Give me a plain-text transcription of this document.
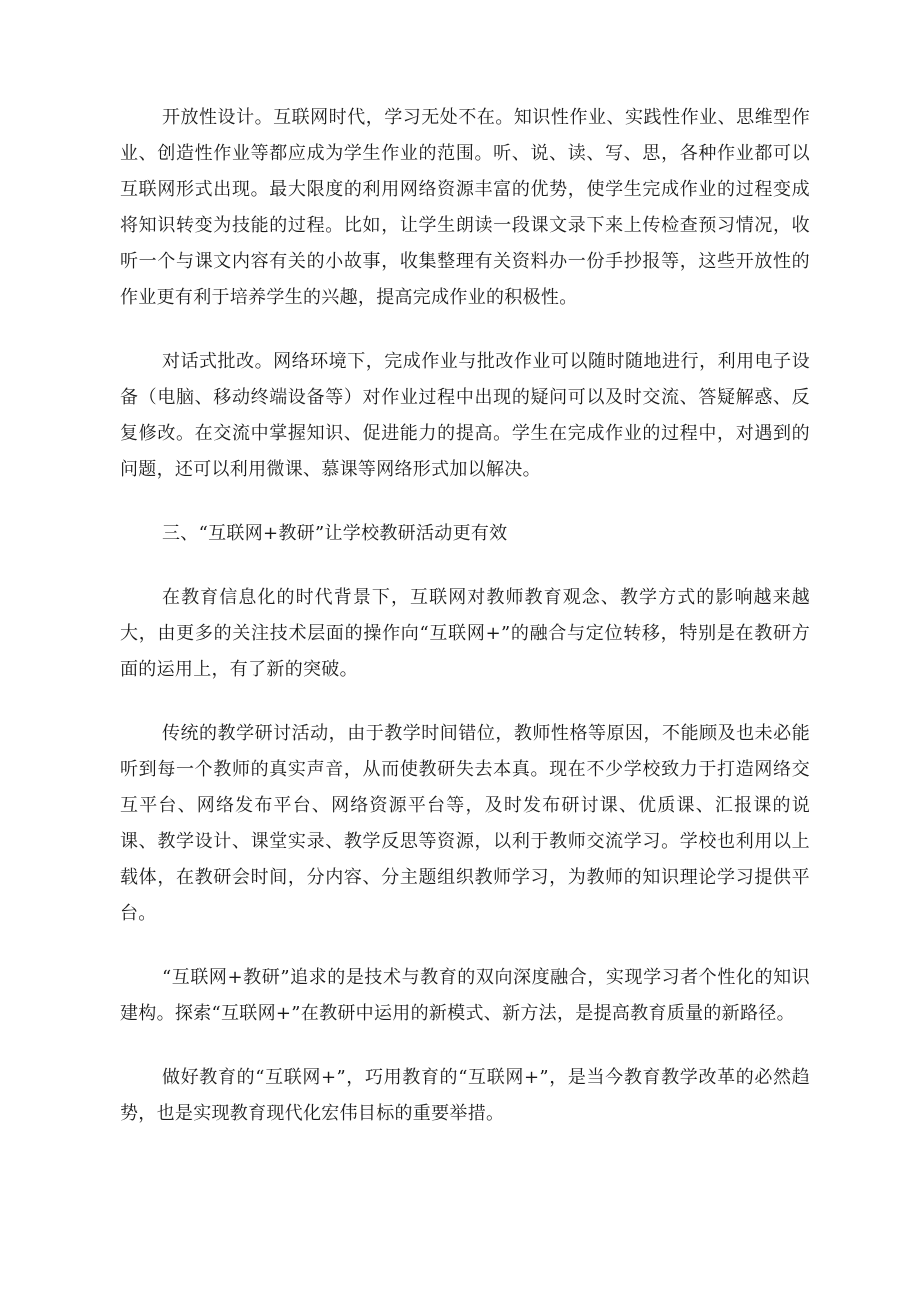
开放性设计。互联网时代，学习无处不在。知识性作业、实践性作业、思维型作业、创造性作业等都应成为学生作业的范围。听、说、读、写、思，各种作业都可以互联网形式出现。最大限度的利用网络资源丰富的优势，使学生完成作业的过程变成将知识转变为技能的过程。比如，让学生朗读一段课文录下来上传检查预习情况，收听一个与课文内容有关的小故事，收集整理有关资料办一份手抄报等，这些开放性的作业更有利于培养学生的兴趣，提高完成作业的积极性。

对话式批改。网络环境下，完成作业与批改作业可以随时随地进行，利用电子设备（电脑、移动终端设备等）对作业过程中出现的疑问可以及时交流、答疑解惑、反复修改。在交流中掌握知识、促进能力的提高。学生在完成作业的过程中，对遇到的问题，还可以利用微课、慕课等网络形式加以解决。

三、“互联网+教研”让学校教研活动更有效

在教育信息化的时代背景下，互联网对教师教育观念、教学方式的影响越来越大，由更多的关注技术层面的操作向“互联网+”的融合与定位转移，特别是在教研方面的运用上，有了新的突破。

传统的教学研讨活动，由于教学时间错位，教师性格等原因，不能顾及也未必能听到每一个教师的真实声音，从而使教研失去本真。现在不少学校致力于打造网络交互平台、网络发布平台、网络资源平台等，及时发布研讨课、优质课、汇报课的说课、教学设计、课堂实录、教学反思等资源，以利于教师交流学习。学校也利用以上载体，在教研会时间，分内容、分主题组织教师学习，为教师的知识理论学习提供平台。

“互联网+教研”追求的是技术与教育的双向深度融合，实现学习者个性化的知识建构。探索“互联网+”在教研中运用的新模式、新方法，是提高教育质量的新路径。

做好教育的“互联网+”，巧用教育的“互联网+”，是当今教育教学改革的必然趋势，也是实现教育现代化宏伟目标的重要举措。
